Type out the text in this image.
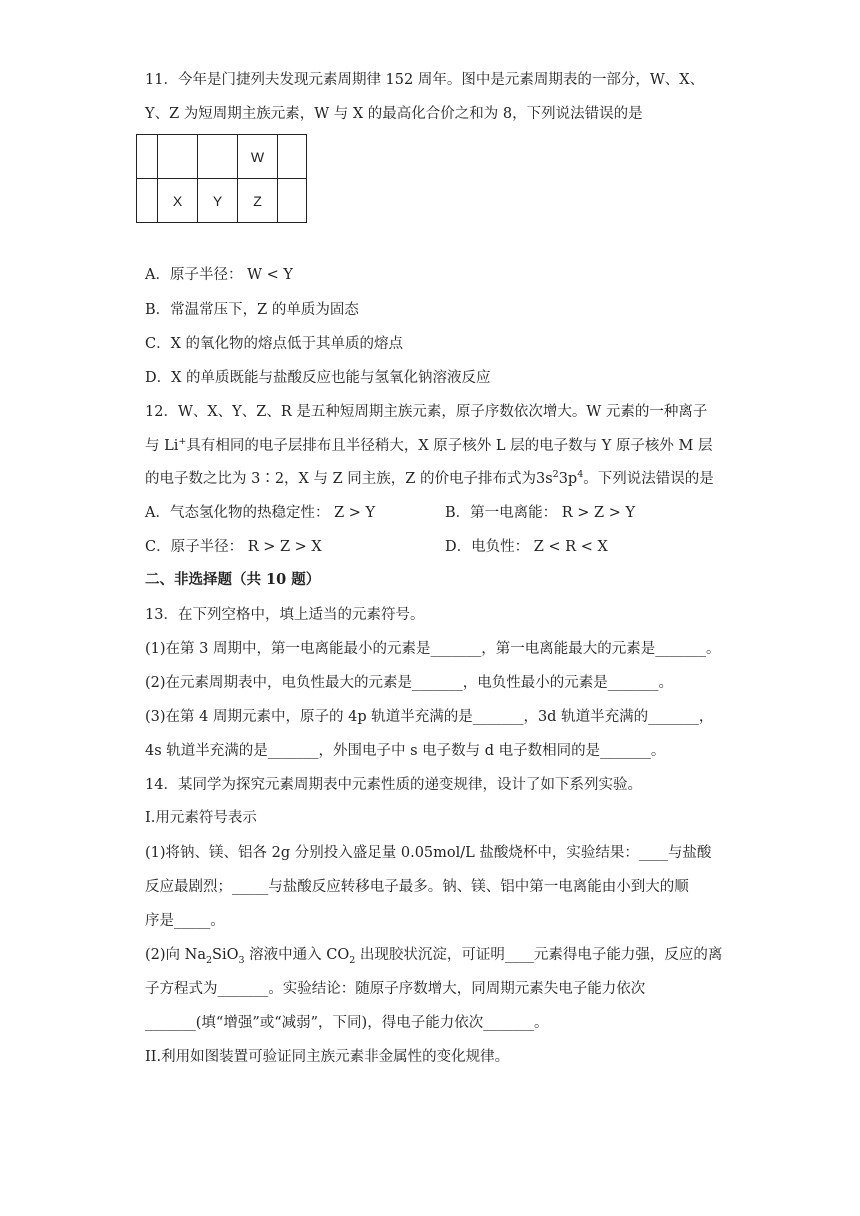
11．今年是门捷列夫发现元素周期律 152 周年。图中是元素周期表的一部分，W、X、
Y、Z 为短周期主族元素，W 与 X 的最高化合价之和为 8，下列说法错误的是
			W	
	X	Y	Z	
A．原子半径： W < Y
B．常温常压下，Z 的单质为固态
C．X 的氧化物的熔点低于其单质的熔点
D．X 的单质既能与盐酸反应也能与氢氧化钠溶液反应
12．W、X、Y、Z、R 是五种短周期主族元素，原子序数依次增大。W 元素的一种离子
与 Li+具有相同的电子层排布且半径稍大，X 原子核外 L 层的电子数与 Y 原子核外 M 层
的电子数之比为 3∶2，X 与 Z 同主族，Z 的价电子排布式为$3s^23p^4$。下列说法错误的是
A．气态氢化物的热稳定性： Z > Y	B．第一电离能： R > Z > Y
C．原子半径： R > Z > X	D．电负性： Z < R < X
二、非选择题（共 10 题）
13．在下列空格中，填上适当的元素符号。
(1)在第 3 周期中，第一电离能最小的元素是_______，第一电离能最大的元素是_______。
(2)在元素周期表中，电负性最大的元素是_______，电负性最小的元素是_______。
(3)在第 4 周期元素中，原子的 4p 轨道半充满的是_______，3d 轨道半充满的_______，
4s 轨道半充满的是_______，外围电子中 s 电子数与 d 电子数相同的是_______。
14．某同学为探究元素周期表中元素性质的递变规律，设计了如下系列实验。
I.用元素符号表示
(1)将钠、镁、铝各 2g 分别投入盛足量 0.05mol/L 盐酸烧杯中，实验结果：____与盐酸
反应最剧烈；_____与盐酸反应转移电子最多。钠、镁、铝中第一电离能由小到大的顺
序是_____。
(2)向 $Na_2SiO_3$ 溶液中通入 $CO_2$ 出现胶状沉淀，可证明____元素得电子能力强，反应的离
子方程式为_______。实验结论：随原子序数增大，同周期元素失电子能力依次
_______(填“增强”或“减弱”，下同)，得电子能力依次_______。
II.利用如图装置可验证同主族元素非金属性的变化规律。
